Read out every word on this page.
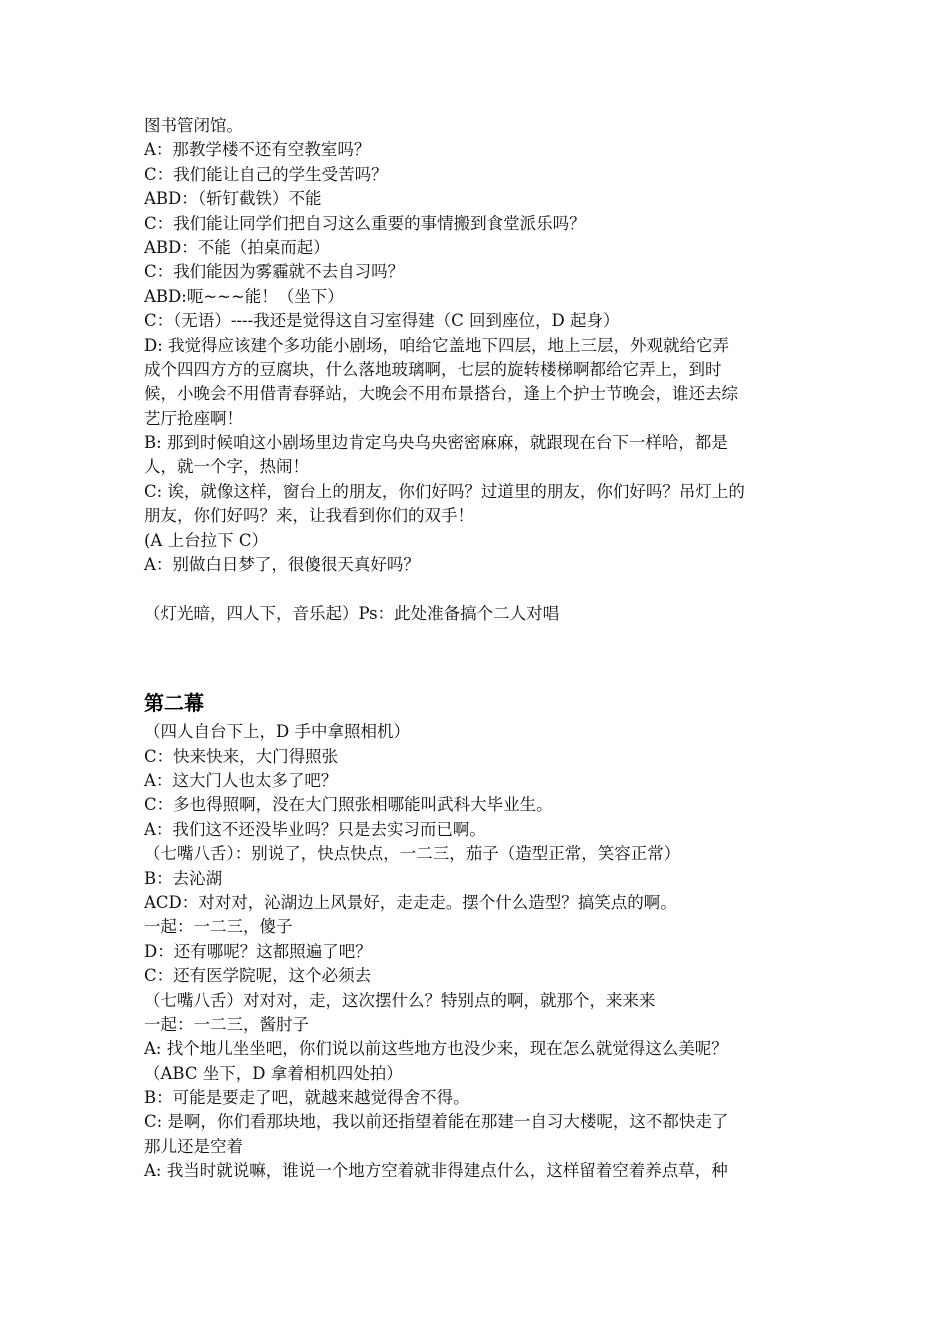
图书管闭馆。
A：那教学楼不还有空教室吗？
C：我们能让自己的学生受苦吗？
ABD：（斩钉截铁）不能
C：我们能让同学们把自习这么重要的事情搬到食堂派乐吗？
ABD：不能（拍桌而起）
C：我们能因为雾霾就不去自习吗？
ABD:呃~~~能！（坐下）
C：（无语）----我还是觉得这自习室得建（C 回到座位，D 起身）
D: 我觉得应该建个多功能小剧场，咱给它盖地下四层，地上三层，外观就给它弄
成个四四方方的豆腐块，什么落地玻璃啊，七层的旋转楼梯啊都给它弄上，到时
候，小晚会不用借青春驿站，大晚会不用布景搭台，逢上个护士节晚会，谁还去综
艺厅抢座啊！
B: 那到时候咱这小剧场里边肯定乌央乌央密密麻麻，就跟现在台下一样哈，都是
人，就一个字，热闹！
C: 诶，就像这样，窗台上的朋友，你们好吗？过道里的朋友，你们好吗？吊灯上的
朋友，你们好吗？来，让我看到你们的双手！
(A 上台拉下 C）
A：别做白日梦了，很傻很天真好吗？
（灯光暗，四人下，音乐起）Ps：此处准备搞个二人对唱
第二幕
（四人自台下上，D 手中拿照相机）
C：快来快来，大门得照张
A：这大门人也太多了吧？
C：多也得照啊，没在大门照张相哪能叫武科大毕业生。
A：我们这不还没毕业吗？只是去实习而已啊。
（七嘴八舌）：别说了，快点快点，一二三，茄子（造型正常，笑容正常）
B：去沁湖
ACD：对对对，沁湖边上风景好，走走走。摆个什么造型？搞笑点的啊。
一起：一二三，傻子
D：还有哪呢？这都照遍了吧？
C：还有医学院呢，这个必须去
（七嘴八舌）对对对，走，这次摆什么？特别点的啊，就那个，来来来
一起：一二三，酱肘子
A: 找个地儿坐坐吧，你们说以前这些地方也没少来，现在怎么就觉得这么美呢？
（ABC 坐下，D 拿着相机四处拍）
B：可能是要走了吧，就越来越觉得舍不得。
C: 是啊，你们看那块地，我以前还指望着能在那建一自习大楼呢，这不都快走了
那儿还是空着
A: 我当时就说嘛，谁说一个地方空着就非得建点什么，这样留着空着养点草，种
